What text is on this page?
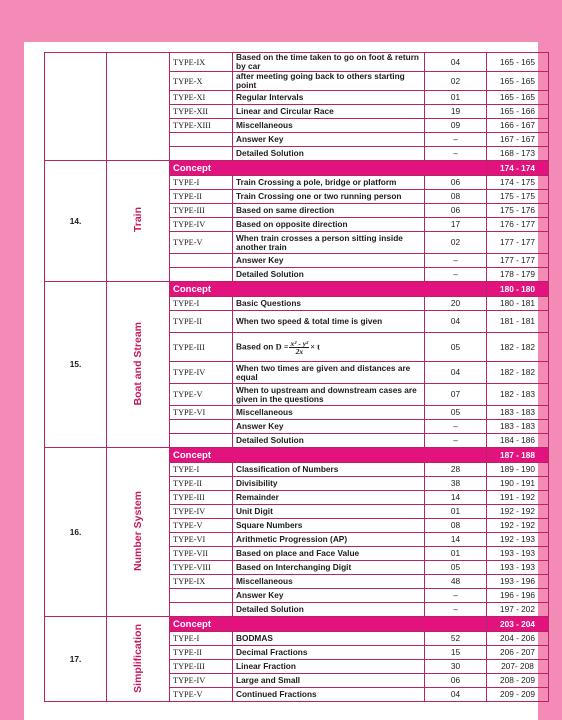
		TYPE-IX	Based on the time taken to go on foot & return by car	04	165 - 165
		TYPE-X	after meeting going back to others starting point	02	165 - 165
		TYPE-XI	Regular Intervals	01	165 - 165
		TYPE-XII	Linear and Circular Race	19	165 - 166
		TYPE-XIII	Miscellaneous	09	166 - 167
			Answer Key	–	167 - 167
			Detailed Solution	–	168 - 173
14.	Train	Concept			174 - 174
		TYPE-I	Train Crossing a pole, bridge or platform	06	174 - 175
		TYPE-II	Train Crossing one or two running person	08	175 - 175
		TYPE-III	Based on same direction	06	175 - 176
		TYPE-IV	Based on opposite direction	17	176 - 177
		TYPE-V	When train crosses a person sitting inside another train	02	177 - 177
			Answer Key	–	177 - 177
			Detailed Solution	–	178 - 179
15.	Boat and Stream	Concept			180 - 180
		TYPE-I	Basic Questions	20	180 - 181
		TYPE-II	When two speed & total time is given	04	181 - 181
		TYPE-III	Based on $D = \frac{\text{x² - y²}}{2x} \times t$	05	182 - 182
		TYPE-IV	When two times are given and distances are equal	04	182 - 182
		TYPE-V	When to upstream and downstream cases are given in the questions	07	182 - 183
		TYPE-VI	Miscellaneous	05	183 - 183
			Answer Key	–	183 - 183
			Detailed Solution	–	184 - 186
16.	Number System	Concept			187 - 188
		TYPE-I	Classification of Numbers	28	189 - 190
		TYPE-II	Divisibility	38	190 - 191
		TYPE-III	Remainder	14	191 - 192
		TYPE-IV	Unit Digit	01	192 - 192
		TYPE-V	Square Numbers	08	192 - 192
		TYPE-VI	Arithmetic Progression (AP)	14	192 - 193
		TYPE-VII	Based on place and Face Value	01	193 - 193
		TYPE-VIII	Based on Interchanging Digit	05	193 - 193
		TYPE-IX	Miscellaneous	48	193 - 196
			Answer Key	–	196 - 196
			Detailed Solution	–	197 - 202
17.	Simplification	Concept			203 - 204
		TYPE-I	BODMAS	52	204 - 206
		TYPE-II	Decimal Fractions	15	206 - 207
		TYPE-III	Linear Fraction	30	207- 208
		TYPE-IV	Large and Small	06	208 - 209
		TYPE-V	Continued Fractions	04	209 - 209
